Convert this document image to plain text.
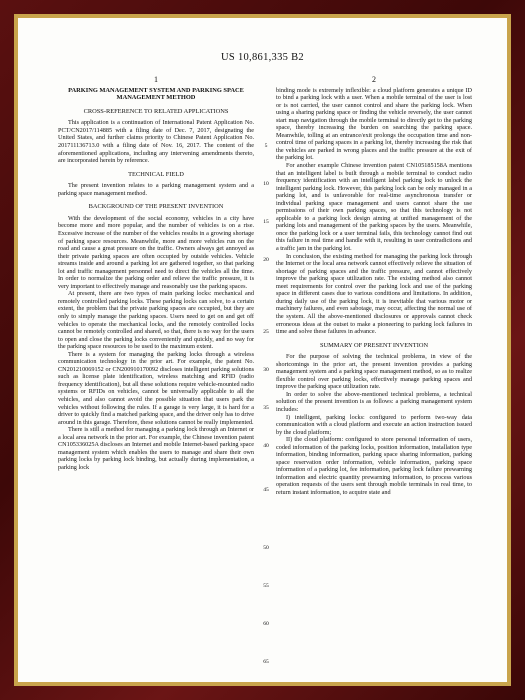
US 10,861,335 B2
1
PARKING MANAGEMENT SYSTEM AND PARKING SPACE MANAGEMENT METHOD
CROSS-REFERENCE TO RELATED APPLICATIONS

This application is a continuation of International Patent Application No. PCT/CN2017/114885 with a filing date of Dec. 7, 2017, designating the United States, and further claims priority to Chinese Patent Application No. 201711136713.0 with a filing date of Nov. 16, 2017. The content of the aforementioned applications, including any intervening amendments thereto, are incorporated herein by reference.

TECHNICAL FIELD

The present invention relates to a parking management system and a parking space management method.

BACKGROUND OF THE PRESENT INVENTION

With the development of the social economy, vehicles in a city have become more and more popular, and the number of vehicles is on a rise. Excessive increase of the number of the vehicles results in a growing shortage of parking space resources. Meanwhile, more and more vehicles run on the road and cause a great pressure on the traffic. Owners always get annoyed as their private parking spaces are often occupied by outside vehicles. Vehicle streams inside and around a parking lot are gathered together, so that parking lot and traffic management personnel need to direct the vehicles all the time. In order to normalize the parking order and relieve the traffic pressure, it is very important to effectively manage and reasonably use the parking spaces.

At present, there are two types of main parking locks: mechanical and remotely controlled parking locks. These parking locks can solve, to a certain extent, the problem that the private parking spaces are occupied, but they are only to simply manage the parking spaces. Users need to get on and get off vehicles to operate the mechanical locks, and the remotely controlled locks cannot be remotely controlled and shared, so that, there is no way for the users to open and close the parking locks conveniently and quickly, and no way for the parking space resources to be used to the maximum extent.

There is a system for managing the parking locks through a wireless communication technology in the prior art. For example, the patent No. CN201210069152 or CN200910170092 discloses intelligent parking solutions such as license plate identification, wireless matching and RFID (radio frequency identification), but all these solutions require vehicle-mounted radio systems or RFIDs on vehicles, cannot be universally applicable to all the vehicles, and also cannot avoid the possible situation that users park the vehicles without following the rules. If a garage is very large, it is hard for a driver to quickly find a matched parking space, and the driver only has to drive around in this garage. Therefore, these solutions cannot be really implemented.

There is still a method for managing a parking lock through an Internet or a local area network in the prior art. For example, the Chinese invention patent CN105336025A discloses an Internet and mobile Internet-based parking space management system which enables the users to manage and share their own parking locks by parking lock binding, but actually during implementation, a parking lock

5
10
15
20
25
30
35
40
45
50
55
60
65
2

binding mode is extremely inflexible: a cloud platform generates a unique ID to bind a parking lock with a user. When a mobile terminal of the user is lost or is not carried, the user cannot control and share the parking lock. When using a sharing parking space or finding the vehicle reversely, the user cannot start map navigation through the mobile terminal to directly get to the parking space, thereby increasing the burden on searching the parking space. Meanwhile, tolling at an entrance/exit prolongs the occupation time and non-control time of parking spaces in a parking lot, thereby increasing the risk that the vehicles are parked in wrong places and the traffic pressure at the exit of the parking lot.

For another example Chinese invention patent CN105185158A mentions that an intelligent label is built through a mobile terminal to conduct radio frequency identification with an intelligent label parking lock to unlock the intelligent parking lock. However, this parking lock can be only managed in a parking lot, and is unfavorable for real-time asynchronous transfer or individual parking space management and users cannot share the use permissions of their own parking spaces, so that this technology is not applicable to a parking lock design aiming at unified management of the parking lots and management of the parking spaces by the users. Meanwhile, once the parking lock or a user terminal fails, this technology cannot find out this failure in real time and handle with it, resulting in user contradictions and a traffic jam in the parking lot.

In conclusion, the existing method for managing the parking lock through the Internet or the local area network cannot effectively relieve the situation of shortage of parking spaces and the traffic pressure, and cannot effectively improve the parking space utilization rate. The existing method also cannot meet requirements for control over the parking lock and use of the parking space in different cases due to various conditions and limitations. In addition, during daily use of the parking lock, it is inevitable that various motor or machinery failures, and even sabotage, may occur, affecting the normal use of the system. All the above-mentioned disclosures or approvals cannot check erroneous ideas at the outset to make a pioneering to parking lock failures in time and solve these failures in advance.

SUMMARY OF PRESENT INVENTION

For the purpose of solving the technical problems, in view of the shortcomings in the prior art, the present invention provides a parking management system and a parking space management method, so as to realize flexible control over parking locks, effectively manage parking spaces and improve the parking space utilization rate.

In order to solve the above-mentioned technical problems, a technical solution of the present invention is as follows: a parking management system includes:

I) intelligent, parking locks: configured to perform two-way data communication with a cloud platform and execute an action instruction issued by the cloud platform;

II) the cloud platform: configured to store personal information of users, coded information of the parking locks, position information, installation type information, binding information, parking space sharing information, parking space reservation order information, vehicle information, parking space information of a parking lot, fee information, parking lock failure prewarning information and electric quantity prewarning information, to process various operation requests of the users sent through mobile terminals in real time, to return instant information, to acquire state and
